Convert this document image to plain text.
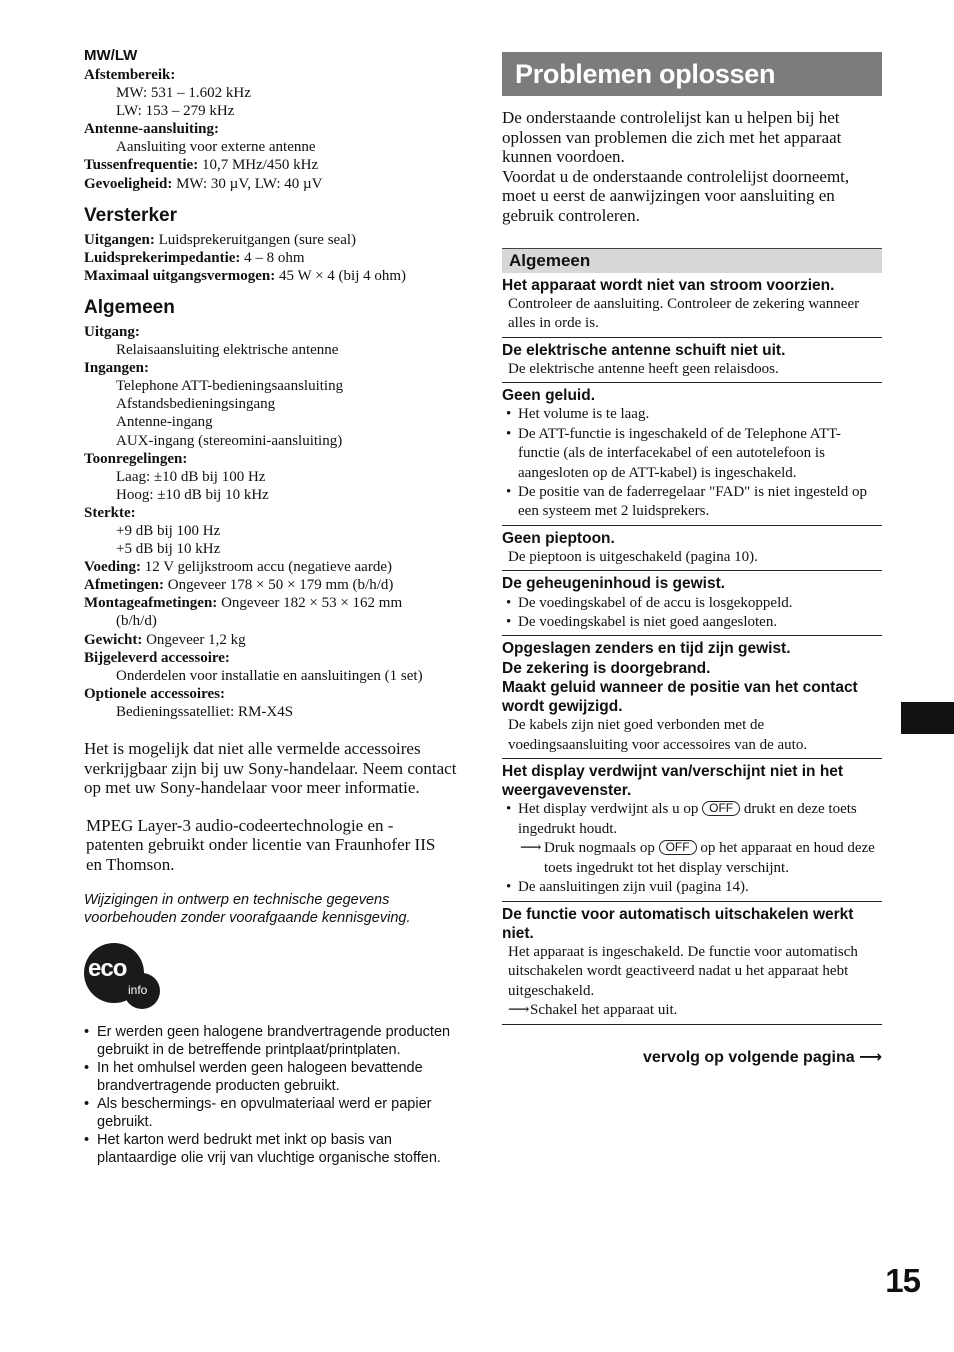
MW/LW
Afstembereik:
MW: 531 – 1.602 kHz
LW: 153 – 279 kHz
Antenne-aansluiting:
Aansluiting voor externe antenne
Tussenfrequentie: 10,7 MHz/450 kHz
Gevoeligheid: MW: 30 µV, LW: 40 µV
Versterker
Uitgangen: Luidsprekeruitgangen (sure seal)
Luidsprekerimpedantie: 4 – 8 ohm
Maximaal uitgangsvermogen: 45 W × 4 (bij 4 ohm)
Algemeen
Uitgang:
Relaisaansluiting elektrische antenne
Ingangen:
Telephone ATT-bedieningsaansluiting
Afstandsbedieningsingang
Antenne-ingang
AUX-ingang (stereomini-aansluiting)
Toonregelingen:
Laag: ±10 dB bij 100 Hz
Hoog: ±10 dB bij 10 kHz
Sterkte:
+9 dB bij 100 Hz
+5 dB bij 10 kHz
Voeding: 12 V gelijkstroom accu (negatieve aarde)
Afmetingen: Ongeveer 178 × 50 × 179 mm (b/h/d)
Montageafmetingen: Ongeveer 182 × 53 × 162 mm
(b/h/d)
Gewicht: Ongeveer 1,2 kg
Bijgeleverd accessoire:
Onderdelen voor installatie en aansluitingen (1 set)
Optionele accessoires:
Bedieningssatelliet: RM-X4S
Het is mogelijk dat niet alle vermelde accessoires verkrijgbaar zijn bij uw Sony-handelaar. Neem contact op met uw Sony-handelaar voor meer informatie.
MPEG Layer-3 audio-codeertechnologie en -patenten gebruikt onder licentie van Fraunhofer IIS en Thomson.
Wijzigingen in ontwerp en technische gegevens voorbehouden zonder voorafgaande kennisgeving.
eco
info
• Er werden geen halogene brandvertragende producten gebruikt in de betreffende printplaat/printplaten.
• In het omhulsel werden geen halogeen bevattende brandvertragende producten gebruikt.
• Als beschermings- en opvulmateriaal werd er papier gebruikt.
• Het karton werd bedrukt met inkt op basis van plantaardige olie vrij van vluchtige organische stoffen.
Problemen oplossen
De onderstaande controlelijst kan u helpen bij het oplossen van problemen die zich met het apparaat kunnen voordoen.
Voordat u de onderstaande controlelijst doorneemt, moet u eerst de aanwijzingen voor aansluiting en gebruik controleren.
Algemeen
Het apparaat wordt niet van stroom voorzien.
Controleer de aansluiting. Controleer de zekering wanneer alles in orde is.
De elektrische antenne schuift niet uit.
De elektrische antenne heeft geen relaisdoos.
Geen geluid.
• Het volume is te laag.
• De ATT-functie is ingeschakeld of de Telephone ATT-functie (als de interfacekabel of een autotelefoon is aangesloten op de ATT-kabel) is ingeschakeld.
• De positie van de faderregelaar "FAD" is niet ingesteld op een systeem met 2 luidsprekers.
Geen pieptoon.
De pieptoon is uitgeschakeld (pagina 10).
De geheugeninhoud is gewist.
• De voedingskabel of de accu is losgekoppeld.
• De voedingskabel is niet goed aangesloten.
Opgeslagen zenders en tijd zijn gewist.
De zekering is doorgebrand.
Maakt geluid wanneer de positie van het contact wordt gewijzigd.
De kabels zijn niet goed verbonden met de voedingsaansluiting voor accessoires van de auto.
Het display verdwijnt van/verschijnt niet in het weergavevenster.
• Het display verdwijnt als u op OFF drukt en deze toets ingedrukt houdt.
⟶ Druk nogmaals op OFF op het apparaat en houd deze toets ingedrukt tot het display verschijnt.
• De aansluitingen zijn vuil (pagina 14).
De functie voor automatisch uitschakelen werkt niet.
Het apparaat is ingeschakeld. De functie voor automatisch uitschakelen wordt geactiveerd nadat u het apparaat hebt uitgeschakeld.
⟶ Schakel het apparaat uit.
vervolg op volgende pagina ⟶
15
